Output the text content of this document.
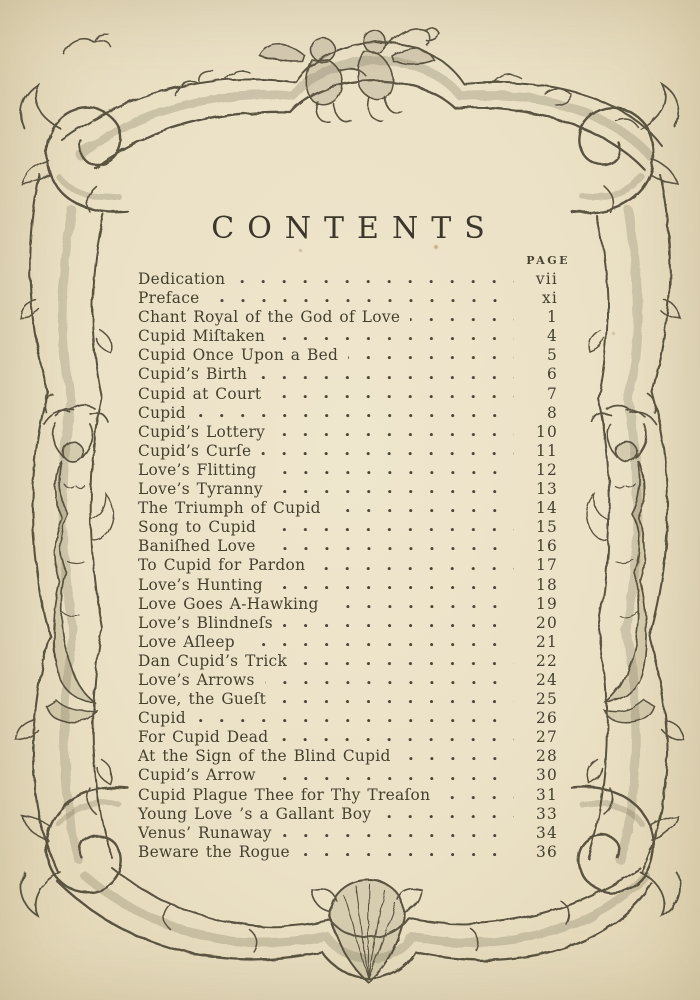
CONTENTS
PAGE
Dedication	vii
Preface	xi
Chant Royal of the God of Love	1
Cupid Miſtaken	4
Cupid Once Upon a Bed	5
Cupid’s Birth	6
Cupid at Court	7
Cupid	8
Cupid’s Lottery	10
Cupid’s Curſe	11
Love’s Flitting	12
Love’s Tyranny	13
The Triumph of Cupid	14
Song to Cupid	15
Baniſhed Love	16
To Cupid for Pardon	17
Love’s Hunting	18
Love Goes A-Hawking	19
Love’s Blindneſs	20
Love Aſleep	21
Dan Cupid’s Trick	22
Love’s Arrows	24
Love, the Gueſt	25
Cupid	26
For Cupid Dead	27
At the Sign of the Blind Cupid	28
Cupid’s Arrow	30
Cupid Plague Thee for Thy Treaſon	31
Young Love ’s a Gallant Boy	33
Venus’ Runaway	34
Beware the Rogue	36
